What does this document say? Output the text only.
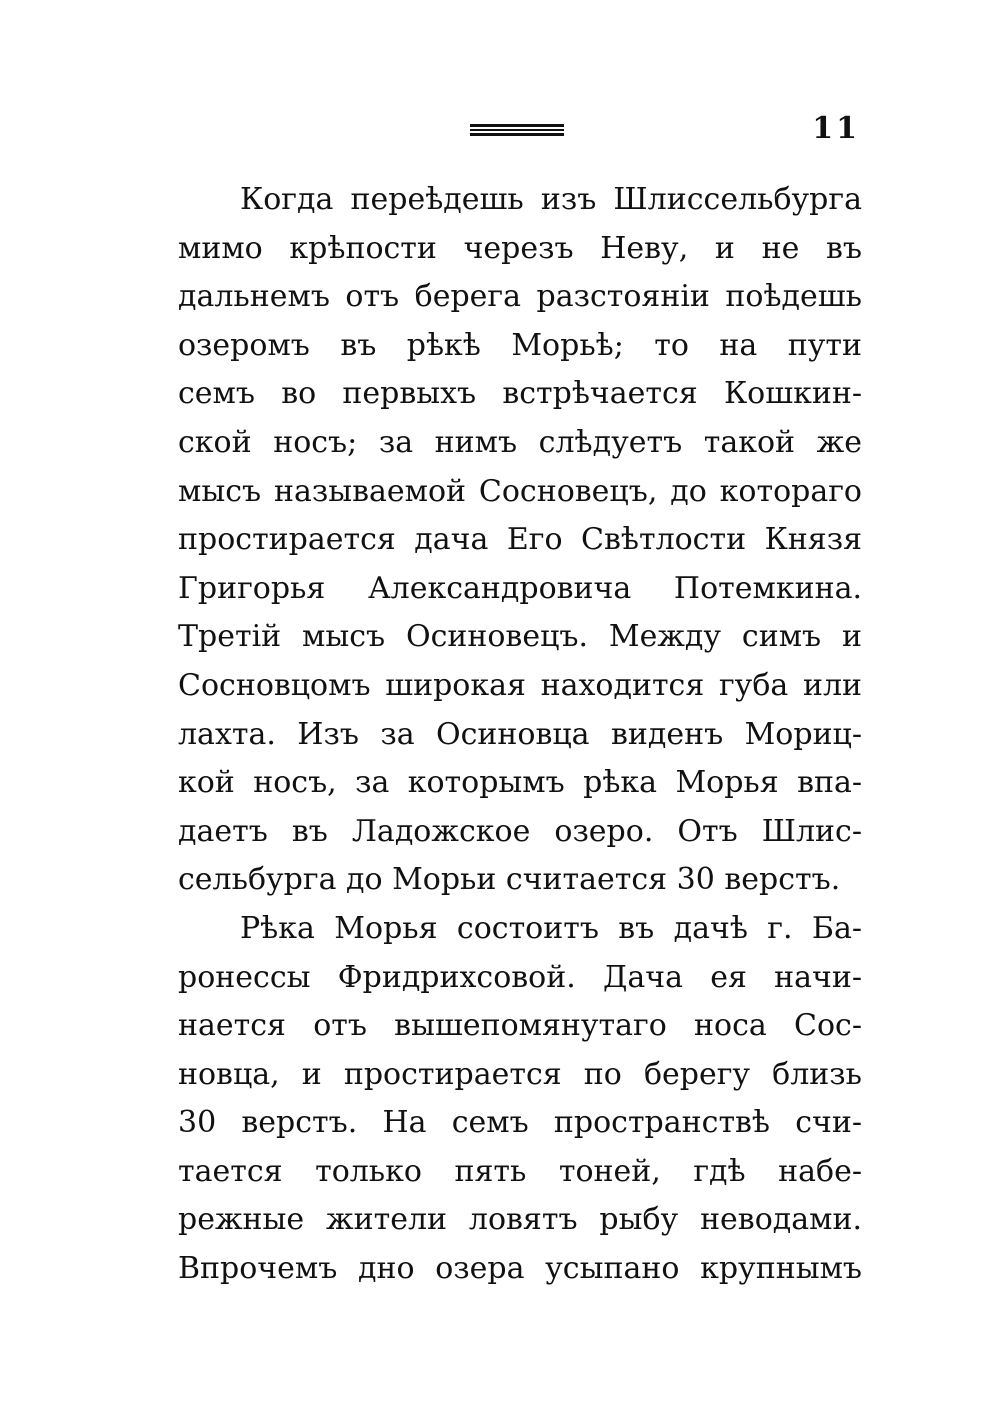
11
Когда переѣдешь изъ Шлиссельбурга
мимо крѣпости черезъ Неву, и не въ
дальнемъ отъ берега разстояніи поѣдешь
озеромъ въ рѣкѣ Морьѣ; то на пути
семъ во первыхъ встрѣчается Кошкин-
ской носъ; за нимъ слѣдуетъ такой же
мысъ называемой Сосновецъ, до котораго
простирается дача Его Свѣтлости Князя
Григорья Александровича Потемкина.
Третій мысъ Осиновецъ. Между симъ и
Сосновцомъ широкая находится губа или
лахта. Изъ за Осиновца виденъ Мориц-
кой носъ, за которымъ рѣка Морья впа-
даетъ въ Ладожское озеро. Отъ Шлис-
сельбурга до Морьи считается 30 верстъ.
Рѣка Морья состоитъ въ дачѣ г. Ба-
ронессы Фридрихсовой. Дача ея начи-
нается отъ вышепомянутаго носа Сос-
новца, и простирается по берегу близь
30 верстъ. На семъ пространствѣ счи-
тается только пять тоней, гдѣ набе-
режные жители ловятъ рыбу неводами.
Впрочемъ дно озера усыпано крупнымъ
